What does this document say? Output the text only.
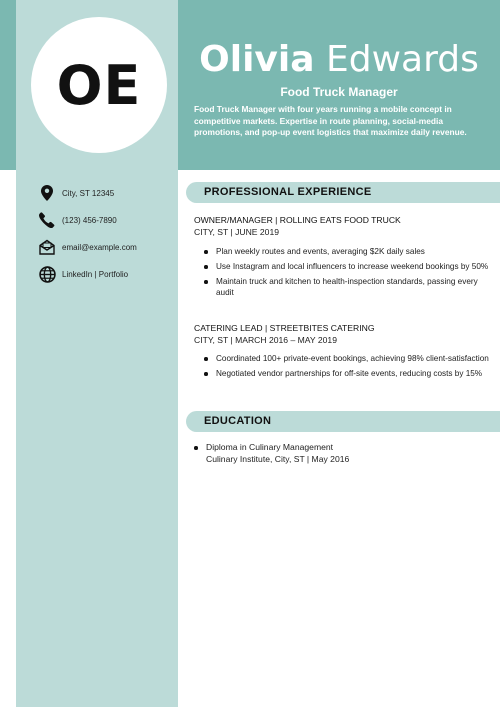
OE	Olivia Edwards
Food Truck Manager
Food Truck Manager with four years running a mobile concept in competitive markets. Expertise in route planning, social-media promotions, and pop-up event logistics that maximize daily revenue.
City, ST 12345
(123) 456-7890
email@example.com
LinkedIn | Portfolio
PROFESSIONAL EXPERIENCE
OWNER/MANAGER | ROLLING EATS FOOD TRUCK
CITY, ST | JUNE 2019
Plan weekly routes and events, averaging $2K daily sales
Use Instagram and local influencers to increase weekend bookings by 50%
Maintain truck and kitchen to health-inspection standards, passing every audit
CATERING LEAD | STREETBITES CATERING
CITY, ST | MARCH 2016 – MAY 2019
Coordinated 100+ private-event bookings, achieving 98% client-satisfaction
Negotiated vendor partnerships for off-site events, reducing costs by 15%
EDUCATION
Diploma in Culinary Management
Culinary Institute, City, ST | May 2016
